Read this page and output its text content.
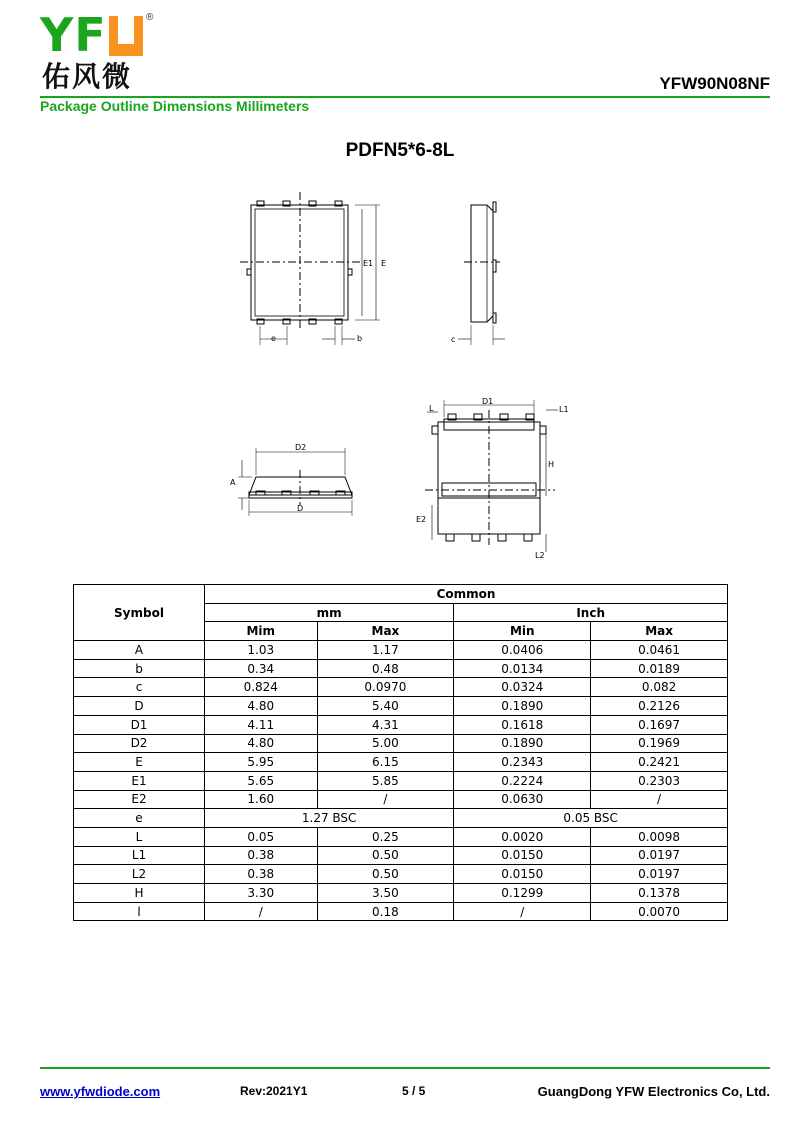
YF	®
佑风微	YFW90N08NF
Package Outline Dimensions Millimeters
PDFN5*6-8L
e	b
E1 E
c
D1
L	L1
H
E2
L2
D2
A
D
Symbol	Common			
	mm		Inch	
	Mim	Max	Min	Max
A	1.03	1.17	0.0406	0.0461
b	0.34	0.48	0.0134	0.0189
c	0.824	0.0970	0.0324	0.082
D	4.80	5.40	0.1890	0.2126
D1	4.11	4.31	0.1618	0.1697
D2	4.80	5.00	0.1890	0.1969
E	5.95	6.15	0.2343	0.2421
E1	5.65	5.85	0.2224	0.2303
E2	1.60	/	0.0630	/
e	1.27 BSC		0.05 BSC	
L	0.05	0.25	0.0020	0.0098
L1	0.38	0.50	0.0150	0.0197
L2	0.38	0.50	0.0150	0.0197
H	3.30	3.50	0.1299	0.1378
l	/	0.18	/	0.0070
www.yfwdiode.com	Rev:2021Y1	5 / 5	GuangDong YFW Electronics Co, Ltd.
